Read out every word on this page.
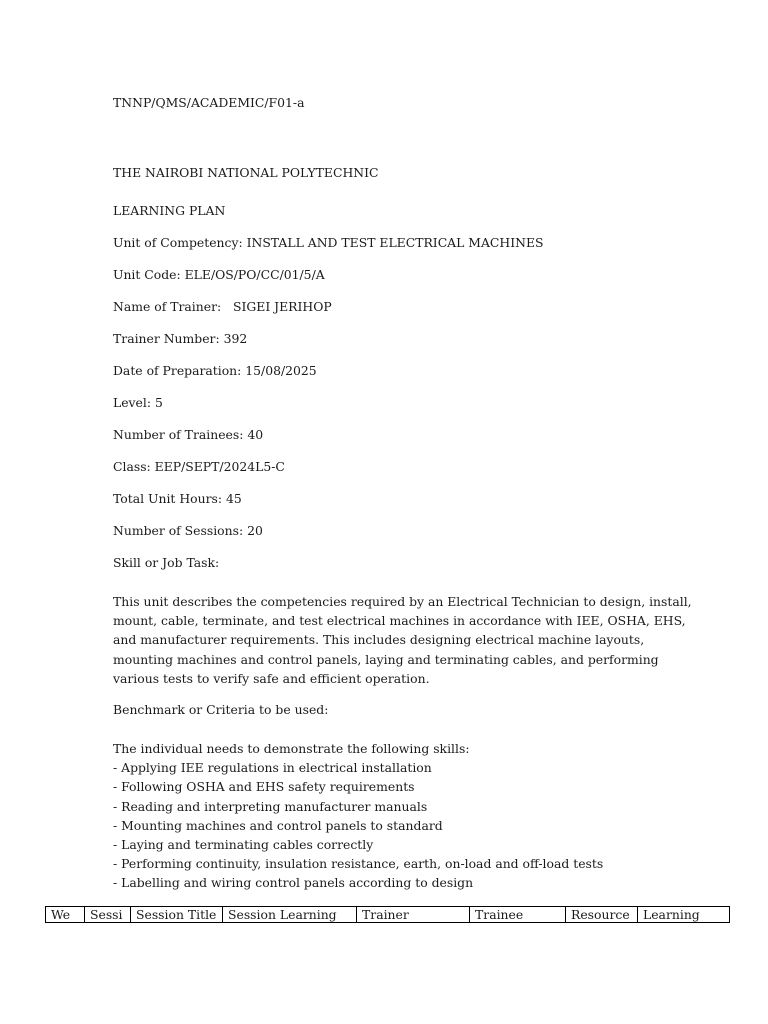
TNNP/QMS/ACADEMIC/F01-a
THE NAIROBI NATIONAL POLYTECHNIC
LEARNING PLAN
Unit of Competency: INSTALL AND TEST ELECTRICAL MACHINES
Unit Code: ELE/OS/PO/CC/01/5/A
Name of Trainer:   SIGEI JERIHOP
Trainer Number: 392
Date of Preparation: 15/08/2025
Level: 5
Number of Trainees: 40
Class: EEP/SEPT/2024L5-C
Total Unit Hours: 45
Number of Sessions: 20
Skill or Job Task:
This unit describes the competencies required by an Electrical Technician to design, install,
mount, cable, terminate, and test electrical machines in accordance with IEE, OSHA, EHS,
and manufacturer requirements. This includes designing electrical machine layouts,
mounting machines and control panels, laying and terminating cables, and performing
various tests to verify safe and efficient operation.
Benchmark or Criteria to be used:
The individual needs to demonstrate the following skills:
- Applying IEE regulations in electrical installation
- Following OSHA and EHS safety requirements
- Reading and interpreting manufacturer manuals
- Mounting machines and control panels to standard
- Laying and terminating cables correctly
- Performing continuity, insulation resistance, earth, on-load and off-load tests
- Labelling and wiring control panels according to design
We	Sessi	Session Title	Session Learning	Trainer	Trainee	Resource	Learning
